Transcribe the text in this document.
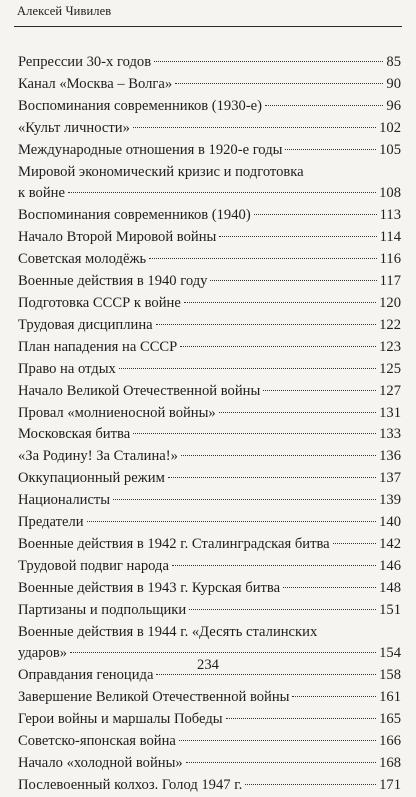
Алексей Чивилев
Репрессии 30-х годов	85
Канал «Москва – Волга»	90
Воспоминания современников (1930-е)	96
«Культ личности»	102
Международные отношения в 1920-е годы	105
Мировой экономический кризис и подготовка
к войне	108
Воспоминания современников (1940)	113
Начало Второй Мировой войны	114
Советская молодёжь	116
Военные действия в 1940 году	117
Подготовка СССР к войне	120
Трудовая дисциплина	122
План нападения на СССР	123
Право на отдых	125
Начало Великой Отечественной войны	127
Провал «молниеносной войны»	131
Московская битва	133
«За Родину! За Сталина!»	136
Оккупационный режим	137
Националисты	139
Предатели	140
Военные действия в 1942 г. Сталинградская битва	142
Трудовой подвиг народа	146
Военные действия в 1943 г. Курская битва	148
Партизаны и подпольщики	151
Военные действия в 1944 г. «Десять сталинских
ударов»	154
Оправдания геноцида	158
Завершение Великой Отечественной войны	161
Герои войны и маршалы Победы	165
Советско-японская война	166
Начало «холодной войны»	168
Послевоенный колхоз. Голод 1947 г.	171
234
